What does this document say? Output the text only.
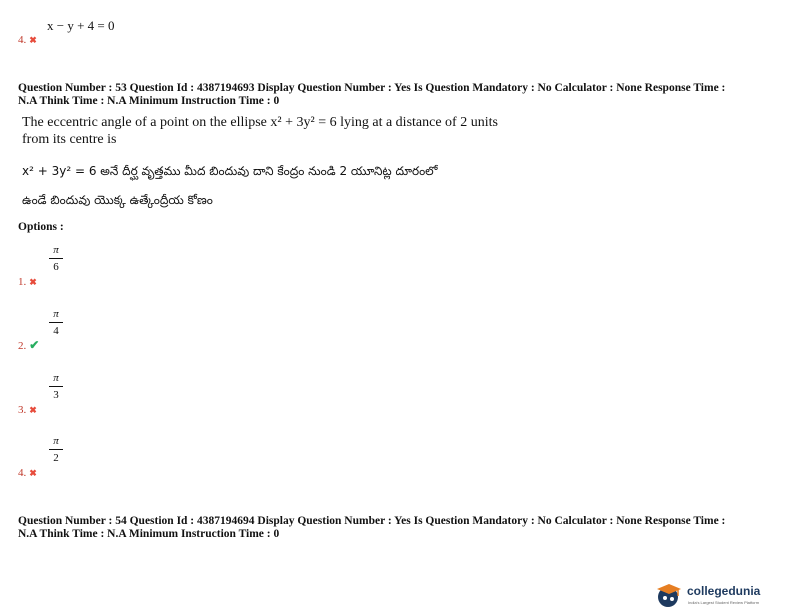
4. ✖
x − y + 4 = 0
Question Number : 53 Question Id : 4387194693 Display Question Number : Yes Is Question Mandatory : No Calculator : None Response Time :
N.A Think Time : N.A Minimum Instruction Time : 0
The eccentric angle of a point on the ellipse x² + 3y² = 6 lying at a distance of 2 units
from its centre is
x² + 3y² = 6 అనే దీర్ఘ వృత్తము మీద బిందువు దాని కేంద్రం నుండి 2 యూనిట్ల దూరంలో
ఉండే బిందువు యొక్క ఉత్కేంద్రీయ కోణం
Options :
1. ✖
π
6
2. ✔
π
4
3. ✖
π
3
4. ✖
π
2
Question Number : 54 Question Id : 4387194694 Display Question Number : Yes Is Question Mandatory : No Calculator : None Response Time :
N.A Think Time : N.A Minimum Instruction Time : 0
collegedunia
India's Largest Student Review Platform
